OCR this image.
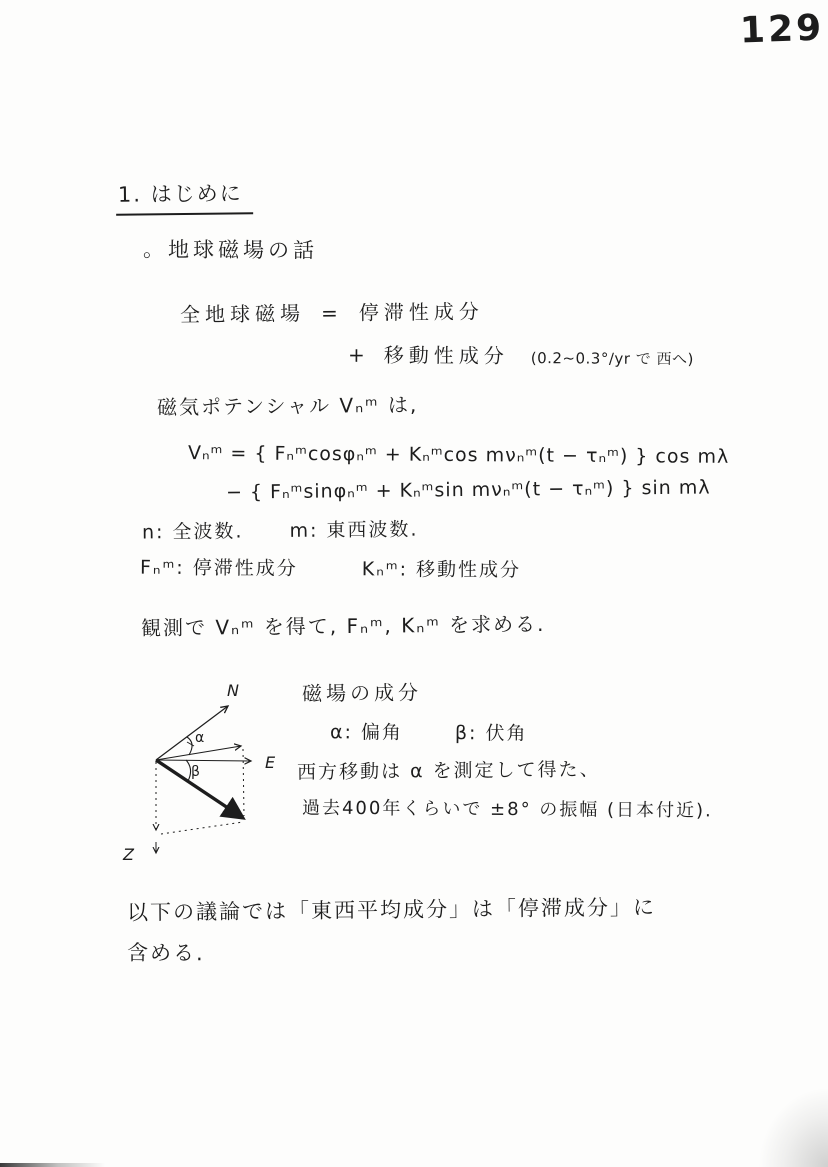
129
1. はじめに
。地球磁場の話
全地球磁場 = 停滞性成分
+ 移動性成分 (0.2~0.3°/yr で 西へ)
磁気ポテンシャル Vₙᵐ は,
Vₙᵐ = { Fₙᵐcosφₙᵐ + Kₙᵐcos mνₙᵐ(t − τₙᵐ) } cos mλ
− { Fₙᵐsinφₙᵐ + Kₙᵐsin mνₙᵐ(t − τₙᵐ) } sin mλ
n: 全波数. m: 東西波数.
Fₙᵐ: 停滞性成分	Kₙᵐ: 移動性成分
観測で Vₙᵐ を得て, Fₙᵐ, Kₙᵐ を求める.
N
E
Z
α
β
磁場の成分
α: 偏角	β: 伏角
西方移動は α を測定して得た、
過去400年くらいで ±8° の振幅 (日本付近).
以下の議論では「東西平均成分」は「停滞成分」に
含める.
